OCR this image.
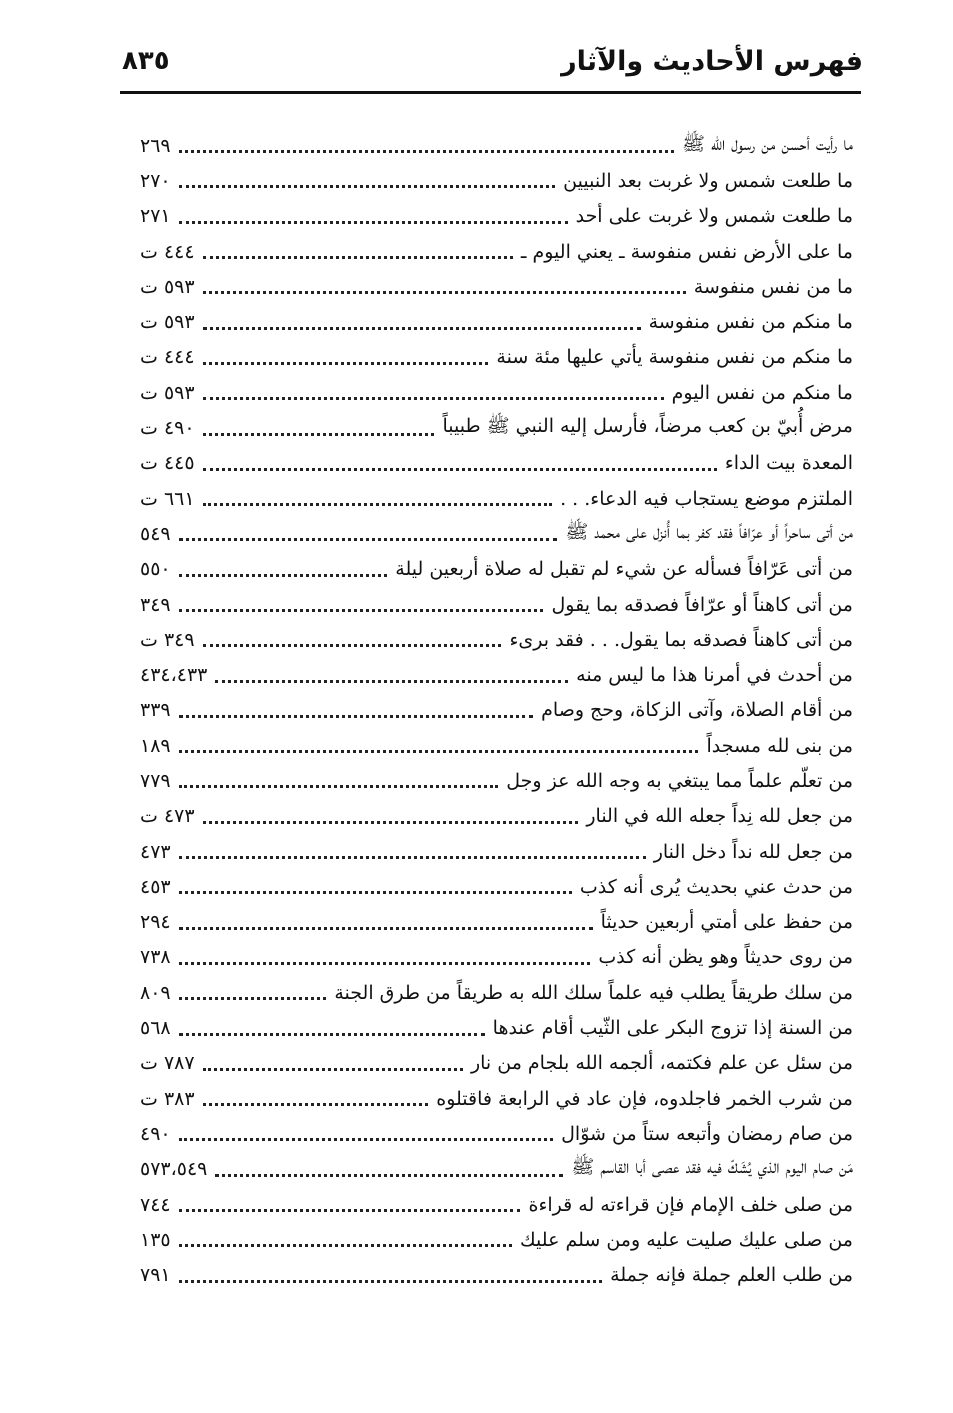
فهرس الأحاديث والآثار
٨٣٥
ما رأيت أحسن من رسول الله ﷺ
٢٦٩
ما طلعت شمس ولا غربت بعد النبيين
٢٧٠
ما طلعت شمس ولا غربت على أحد
٢٧١
ما على الأرض نفس منفوسة ـ يعني اليوم ـ
٤٤٤ ت
ما من نفس منفوسة
٥٩٣ ت
ما منكم من نفس منفوسة
٥٩٣ ت
ما منكم من نفس منفوسة يأتي عليها مئة سنة
٤٤٤ ت
ما منكم من نفس اليوم
٥٩٣ ت
مرض أُبيّ بن كعب مرضاً، فأرسل إليه النبي ﷺ طبيباً
٤٩٠ ت
المعدة بيت الداء
٤٤٥ ت
الملتزم موضع يستجاب فيه الدعاء. . .
٦٦١ ت
من أتى ساحراً أو عرّافاً فقد كفر بما أُنزل على محمد ﷺ
٥٤٩
من أتى عَرّافاً فسأله عن شيء لم تقبل له صلاة أربعين ليلة
٥٥٠
من أتى كاهناً أو عرّافاً فصدقه بما يقول
٣٤٩
من أتى كاهناً فصدقه بما يقول. . . فقد برىء
٣٤٩ ت
من أحدث في أمرنا هذا ما ليس منه
٤٣٤،٤٣٣
من أقام الصلاة، وآتى الزكاة، وحج وصام
٣٣٩
من بنى لله مسجداً
١٨٩
من تعلّم علماً مما يبتغي به وجه الله عز وجل
٧٧٩
من جعل لله نِداً جعله الله في النار
٤٧٣ ت
من جعل لله نداً دخل النار
٤٧٣
من حدث عني بحديث يُرى أنه كذب
٤٥٣
من حفظ على أمتي أربعين حديثاً
٢٩٤
من روى حديثاً وهو يظن أنه كذب
٧٣٨
من سلك طريقاً يطلب فيه علماً سلك الله به طريقاً من طرق الجنة
٨٠٩
من السنة إذا تزوج البكر على الثّيب أقام عندها
٥٦٨
من سئل عن علم فكتمه، ألجمه الله بلجام من نار
٧٨٧ ت
من شرب الخمر فاجلدوه، فإن عاد في الرابعة فاقتلوه
٣٨٣ ت
من صام رمضان وأتبعه ستاً من شوّال
٤٩٠
مَن صام اليوم الذي يُشَكّ فيه فقد عصى أبا القاسم ﷺ
٥٧٣،٥٤٩
من صلى خلف الإمام فإن قراءته له قراءة
٧٤٤
من صلى عليك صليت عليه ومن سلم عليك
١٣٥
من طلب العلم جملة فإنه جملة
٧٩١
